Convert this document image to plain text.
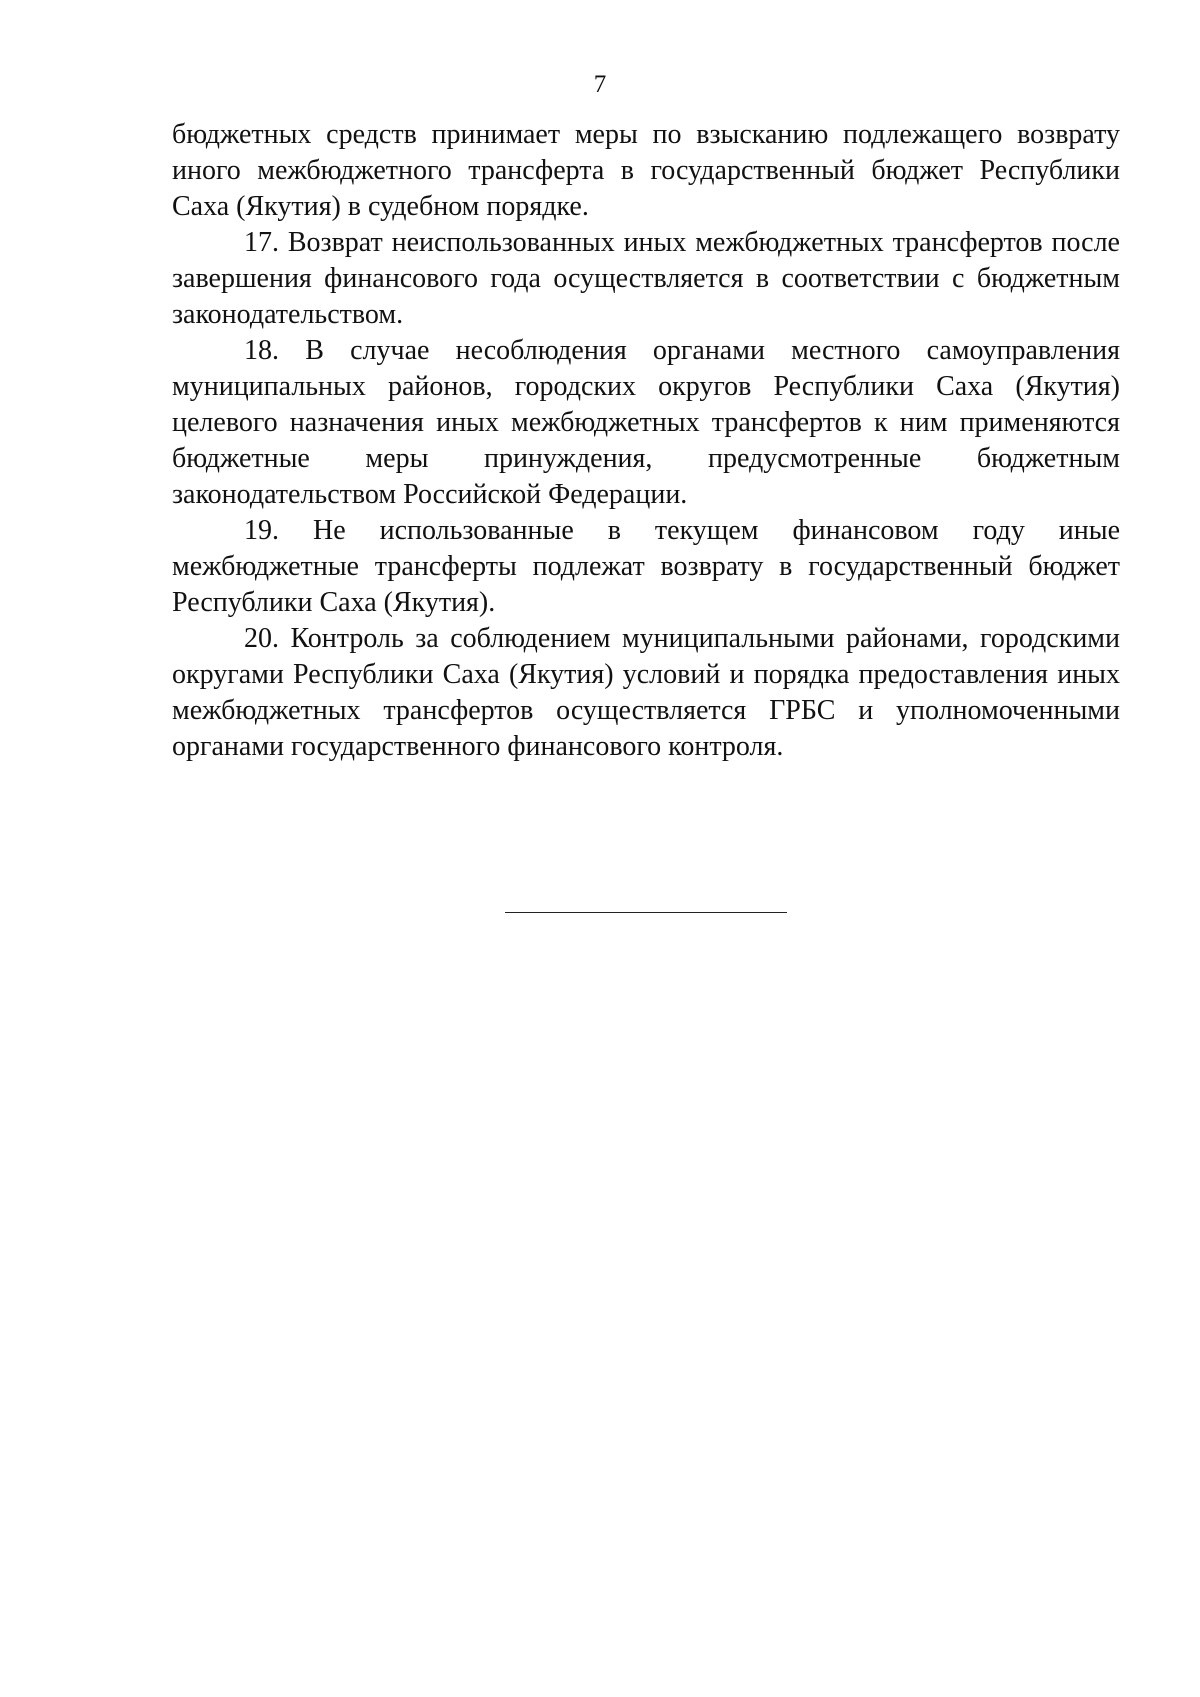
7

бюджетных средств принимает меры по взысканию подлежащего возврату иного межбюджетного трансферта в государственный бюджет Республики Саха (Якутия) в судебном порядке.

17. Возврат неиспользованных иных межбюджетных трансфертов после завершения финансового года осуществляется в соответствии с бюджетным законодательством.

18. В случае несоблюдения органами местного самоуправления муниципальных районов, городских округов Республики Саха (Якутия) целевого назначения иных межбюджетных трансфертов к ним применяются бюджетные меры принуждения, предусмотренные бюджетным законодательством Российской Федерации.

19. Не использованные в текущем финансовом году иные межбюджетные трансферты подлежат возврату в государственный бюджет Республики Саха (Якутия).

20. Контроль за соблюдением муниципальными районами, городскими округами Республики Саха (Якутия) условий и порядка предоставления иных межбюджетных трансфертов осуществляется ГРБС и уполномоченными органами государственного финансового контроля.
